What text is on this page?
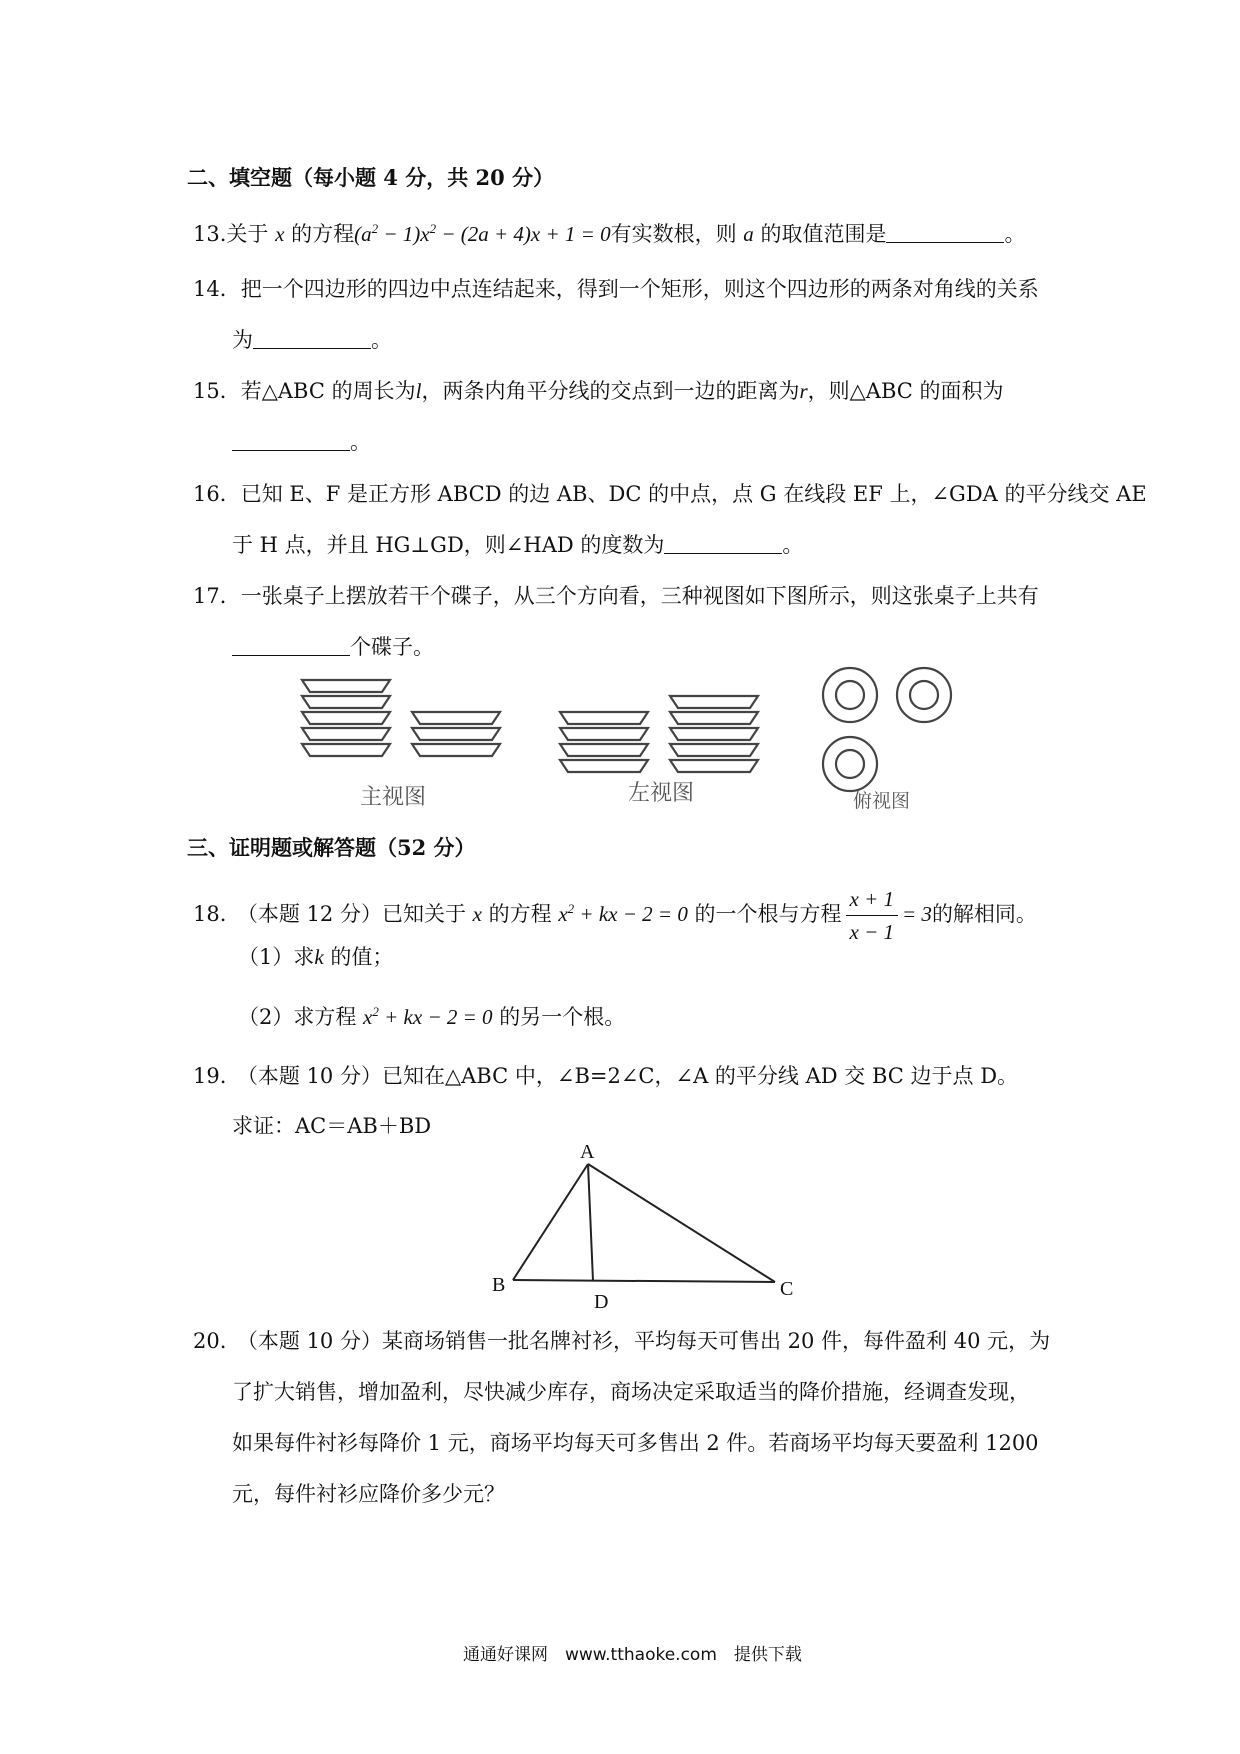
二、填空题（每小题 4 分，共 20 分）
13.关于 x 的方程$(a^2 - 1)x^2 - (2a + 4)x + 1 = 0$有实数根，则 a 的取值范围是	。
14．把一个四边形的四边中点连结起来，得到一个矩形，则这个四边形的两条对角线的关系
为	。
15．若△ABC 的周长为l，两条内角平分线的交点到一边的距离为r，则△ABC 的面积为
。
16．已知 E、F 是正方形 ABCD 的边 AB、DC 的中点，点 G 在线段 EF 上，∠GDA 的平分线交 AE
于 H 点，并且 HG⊥GD，则∠HAD 的度数为	。
17．一张桌子上摆放若干个碟子，从三个方向看，三种视图如下图所示，则这张桌子上共有
个碟子。
主视图	左视图	俯视图
三、证明题或解答题（52 分）
18.　（本题 12 分）已知关于 x 的方程 $x^2$ + kx − 2 = 0 的一个根与方程 $\frac{x + 1}{x - 1} = 3$的解相同。
（1）求k 的值；
（2）求方程 $x^2$ + kx − 2 = 0 的另一个根。
19.　（本题 10 分）已知在△ABC 中，∠B=2∠C，∠A 的平分线 AD 交 BC 边于点 D。
求证：AC＝AB＋BD
A
B	C
D
20.　（本题 10 分）某商场销售一批名牌衬衫，平均每天可售出 20 件，每件盈利 40 元，为
了扩大销售，增加盈利，尽快减少库存，商场决定采取适当的降价措施，经调查发现，
如果每件衬衫每降价 1 元，商场平均每天可多售出 2 件。若商场平均每天要盈利 1200
元，每件衬衫应降价多少元？
通通好课网　www.tthaoke.com　提供下载
